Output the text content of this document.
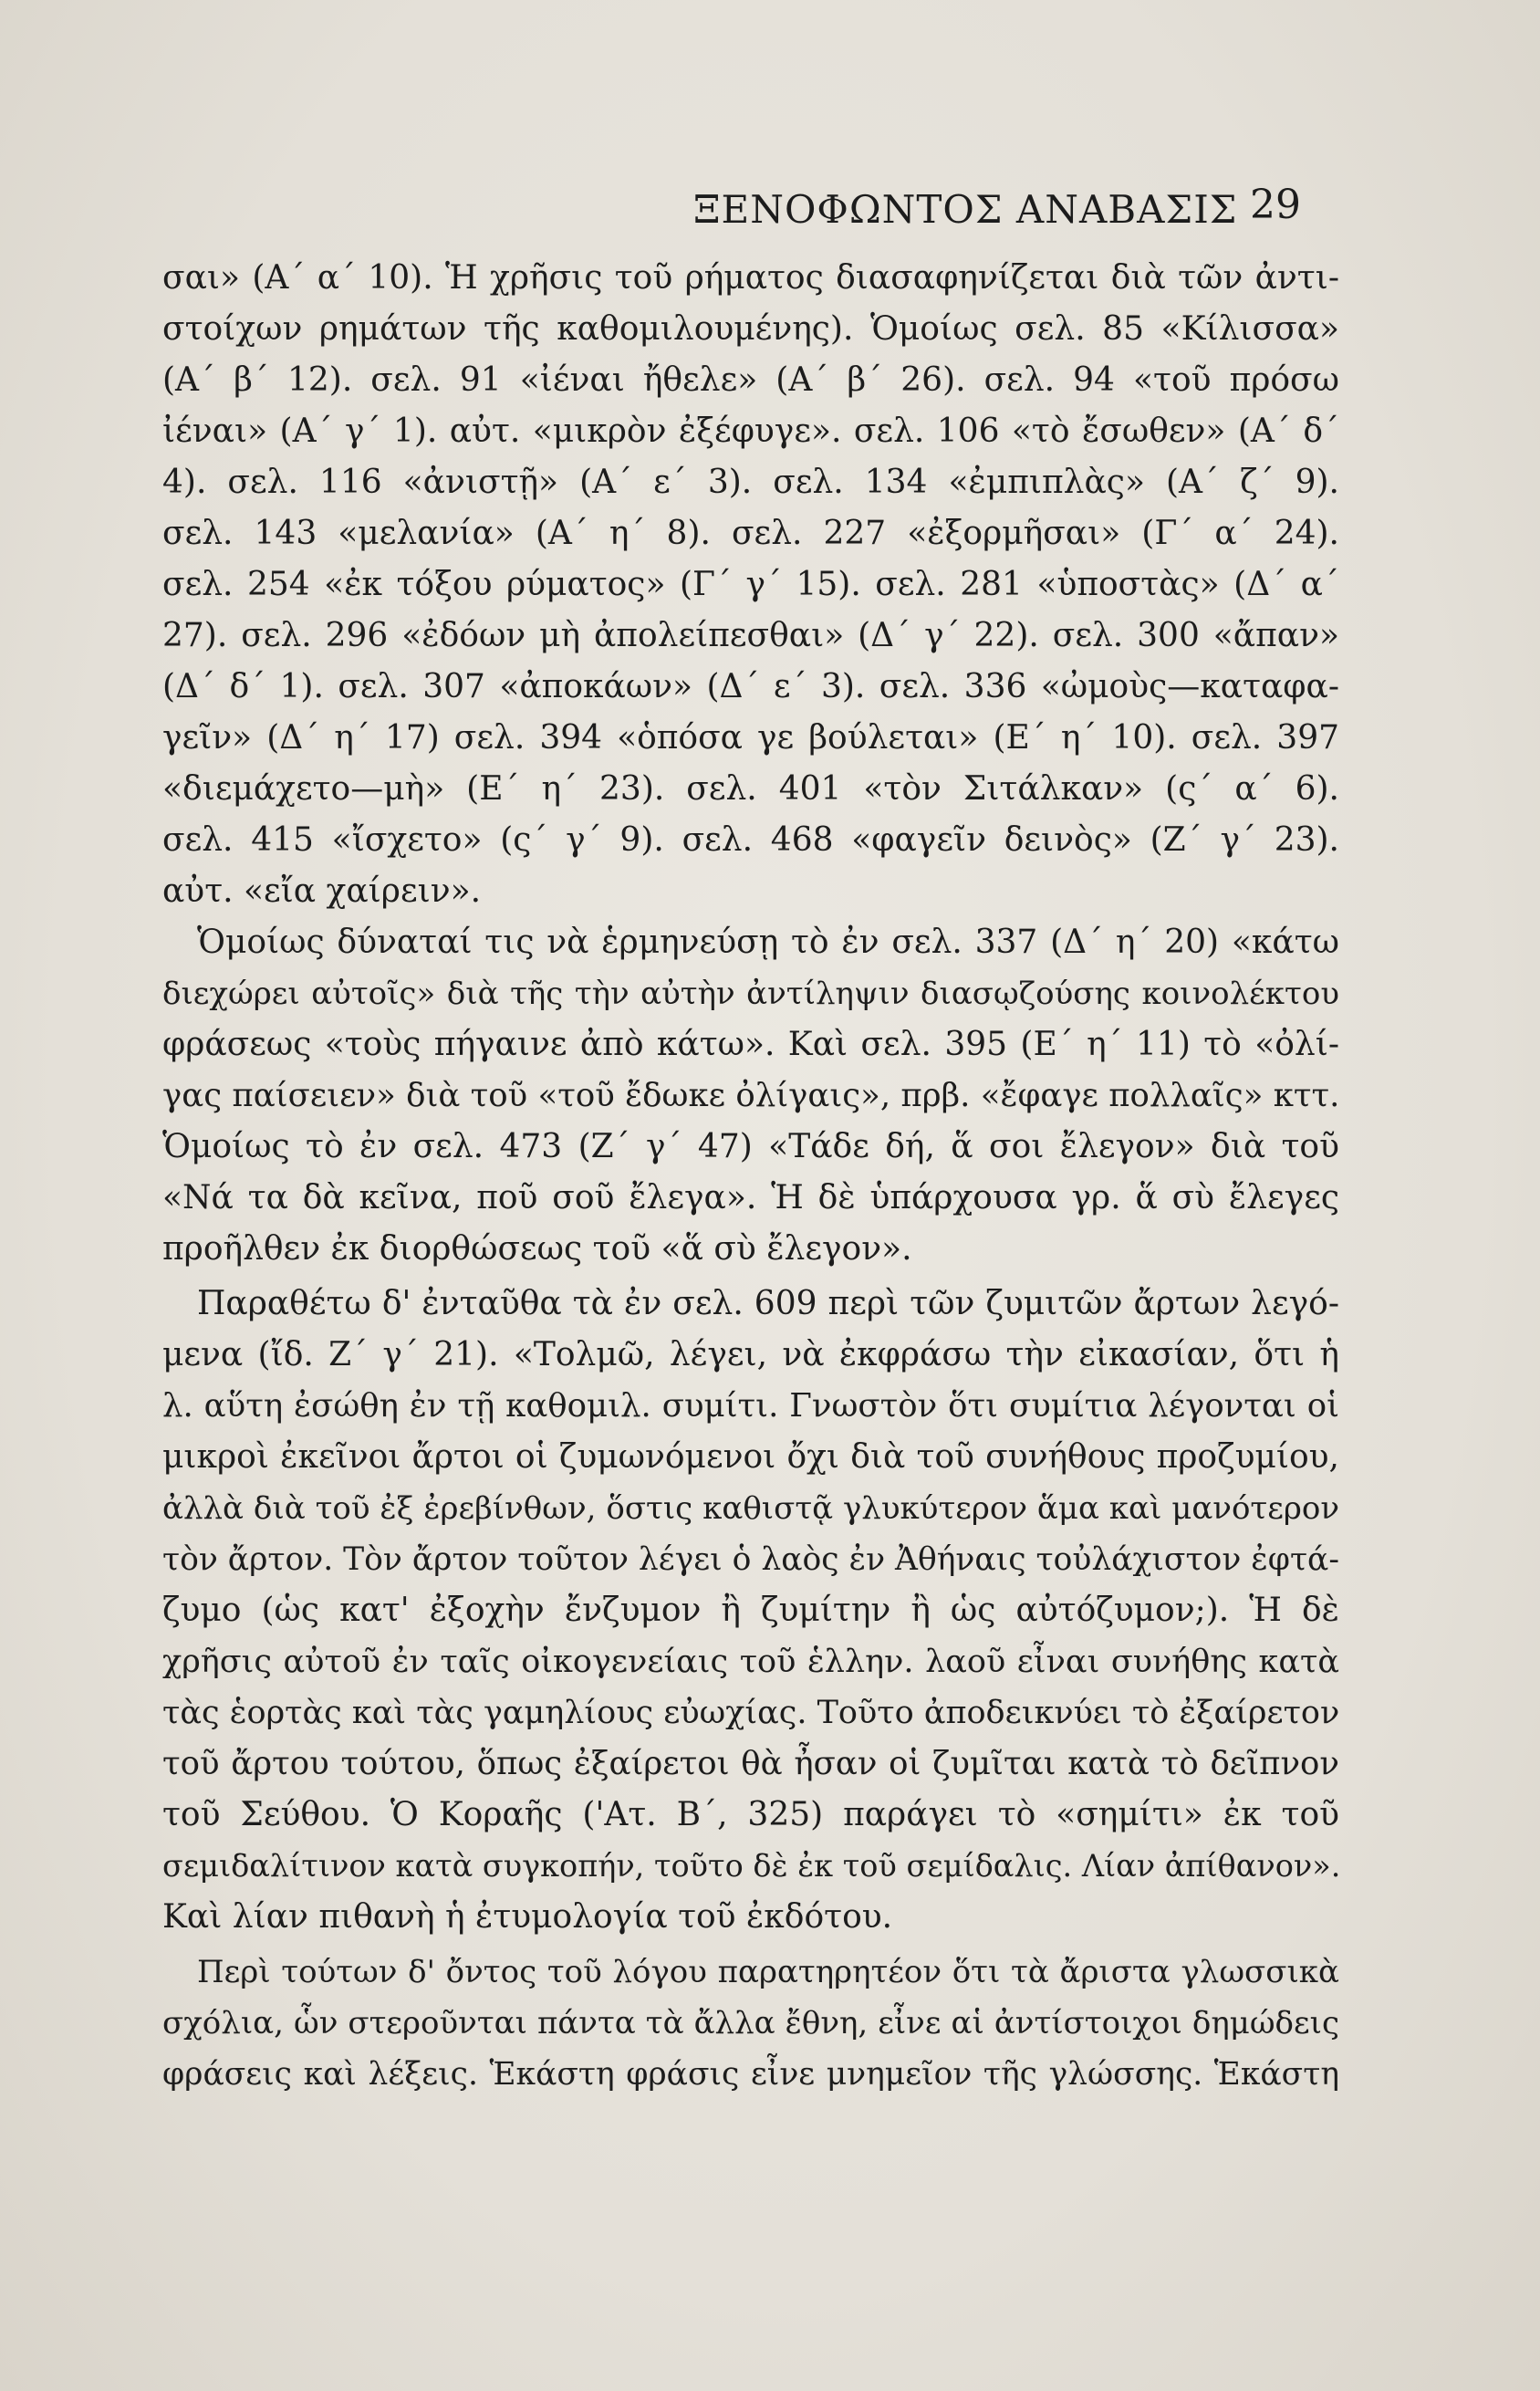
ΞΕΝΟΦΩΝΤΟΣ ΑΝΑΒΑΣΙΣ 29
σαι» (Α΄ α΄ 10). Ἡ χρῆσις τοῦ ρήματος διασαφηνίζεται διὰ τῶν ἀντι-
στοίχων ρημάτων τῆς καθομιλουμένης). Ὁμοίως σελ. 85 «Κίλισσα»
(Α΄ β΄ 12). σελ. 91 «ἰέναι ἤθελε» (Α΄ β΄ 26). σελ. 94 «τοῦ πρόσω
ἰέναι» (Α΄ γ΄ 1). αὐτ. «μικρὸν ἐξέφυγε». σελ. 106 «τὸ ἔσωθεν» (Α΄ δ΄
4). σελ. 116 «ἀνιστῇ» (Α΄ ε΄ 3). σελ. 134 «ἐμπιπλὰς» (Α΄ ζ΄ 9).
σελ. 143 «μελανία» (Α΄ η΄ 8). σελ. 227 «ἐξορμῆσαι» (Γ΄ α΄ 24).
σελ. 254 «ἐκ τόξου ρύματος» (Γ΄ γ΄ 15). σελ. 281 «ὑποστὰς» (Δ΄ α΄
27). σελ. 296 «ἐδόων μὴ ἀπολείπεσθαι» (Δ΄ γ΄ 22). σελ. 300 «ἄπαν»
(Δ΄ δ΄ 1). σελ. 307 «ἀποκάων» (Δ΄ ε΄ 3). σελ. 336 «ὠμοὺς—καταφα-
γεῖν» (Δ΄ η΄ 17) σελ. 394 «ὁπόσα γε βούλεται» (Ε΄ η΄ 10). σελ. 397
«διεμάχετο—μὴ» (Ε΄ η΄ 23). σελ. 401 «τὸν Σιτάλκαν» (ς΄ α΄ 6).
σελ. 415 «ἴσχετο» (ς΄ γ΄ 9). σελ. 468 «φαγεῖν δεινὸς» (Ζ΄ γ΄ 23).
αὐτ. «εἴα χαίρειν».
Ὁμοίως δύναταί τις νὰ ἑρμηνεύσῃ τὸ ἐν σελ. 337 (Δ΄ η΄ 20) «κάτω
διεχώρει αὐτοῖς» διὰ τῆς τὴν αὐτὴν ἀντίληψιν διασῳζούσης κοινολέκτου
φράσεως «τοὺς πήγαινε ἀπὸ κάτω». Καὶ σελ. 395 (Ε΄ η΄ 11) τὸ «ὀλί-
γας παίσειεν» διὰ τοῦ «τοῦ ἔδωκε ὀλίγαις», πρβ. «ἔφαγε πολλαῖς» κττ.
Ὁμοίως τὸ ἐν σελ. 473 (Ζ΄ γ΄ 47) «Τάδε δή, ἅ σοι ἔλεγον» διὰ τοῦ
«Νά τα δὰ κεῖνα, ποῦ σοῦ ἔλεγα». Ἡ δὲ ὑπάρχουσα γρ. ἅ σὺ ἔλεγες
προῆλθεν ἐκ διορθώσεως τοῦ «ἅ σὺ ἔλεγον».
Παραθέτω δ' ἐνταῦθα τὰ ἐν σελ. 609 περὶ τῶν ζυμιτῶν ἄρτων λεγό-
μενα (ἴδ. Ζ΄ γ΄ 21). «Τολμῶ, λέγει, νὰ ἐκφράσω τὴν εἰκασίαν, ὅτι ἡ
λ. αὕτη ἐσώθη ἐν τῇ καθομιλ. συμίτι. Γνωστὸν ὅτι συμίτια λέγονται οἱ
μικροὶ ἐκεῖνοι ἄρτοι οἱ ζυμωνόμενοι ὄχι διὰ τοῦ συνήθους προζυμίου,
ἀλλὰ διὰ τοῦ ἐξ ἐρεβίνθων, ὅστις καθιστᾷ γλυκύτερον ἅμα καὶ μανότερον
τὸν ἄρτον. Τὸν ἄρτον τοῦτον λέγει ὁ λαὸς ἐν Ἀθήναις τοὐλάχιστον ἐφτά-
ζυμο (ὡς κατ' ἐξοχὴν ἔνζυμον ἢ ζυμίτην ἢ ὡς αὐτόζυμον;). Ἡ δὲ
χρῆσις αὐτοῦ ἐν ταῖς οἰκογενείαις τοῦ ἑλλην. λαοῦ εἶναι συνήθης κατὰ
τὰς ἑορτὰς καὶ τὰς γαμηλίους εὐωχίας. Τοῦτο ἀποδεικνύει τὸ ἐξαίρετον
τοῦ ἄρτου τούτου, ὅπως ἐξαίρετοι θὰ ἦσαν οἱ ζυμῖται κατὰ τὸ δεῖπνον
τοῦ Σεύθου. Ὁ Κοραῆς ('Ατ. Β΄, 325) παράγει τὸ «σημίτι» ἐκ τοῦ
σεμιδαλίτινον κατὰ συγκοπήν, τοῦτο δὲ ἐκ τοῦ σεμίδαλις. Λίαν ἀπίθανον».
Καὶ λίαν πιθανὴ ἡ ἐτυμολογία τοῦ ἐκδότου.
Περὶ τούτων δ' ὄντος τοῦ λόγου παρατηρητέον ὅτι τὰ ἄριστα γλωσσικὰ
σχόλια, ὧν στεροῦνται πάντα τὰ ἄλλα ἔθνη, εἶνε αἱ ἀντίστοιχοι δημώδεις
φράσεις καὶ λέξεις. Ἑκάστη φράσις εἶνε μνημεῖον τῆς γλώσσης. Ἑκάστη
